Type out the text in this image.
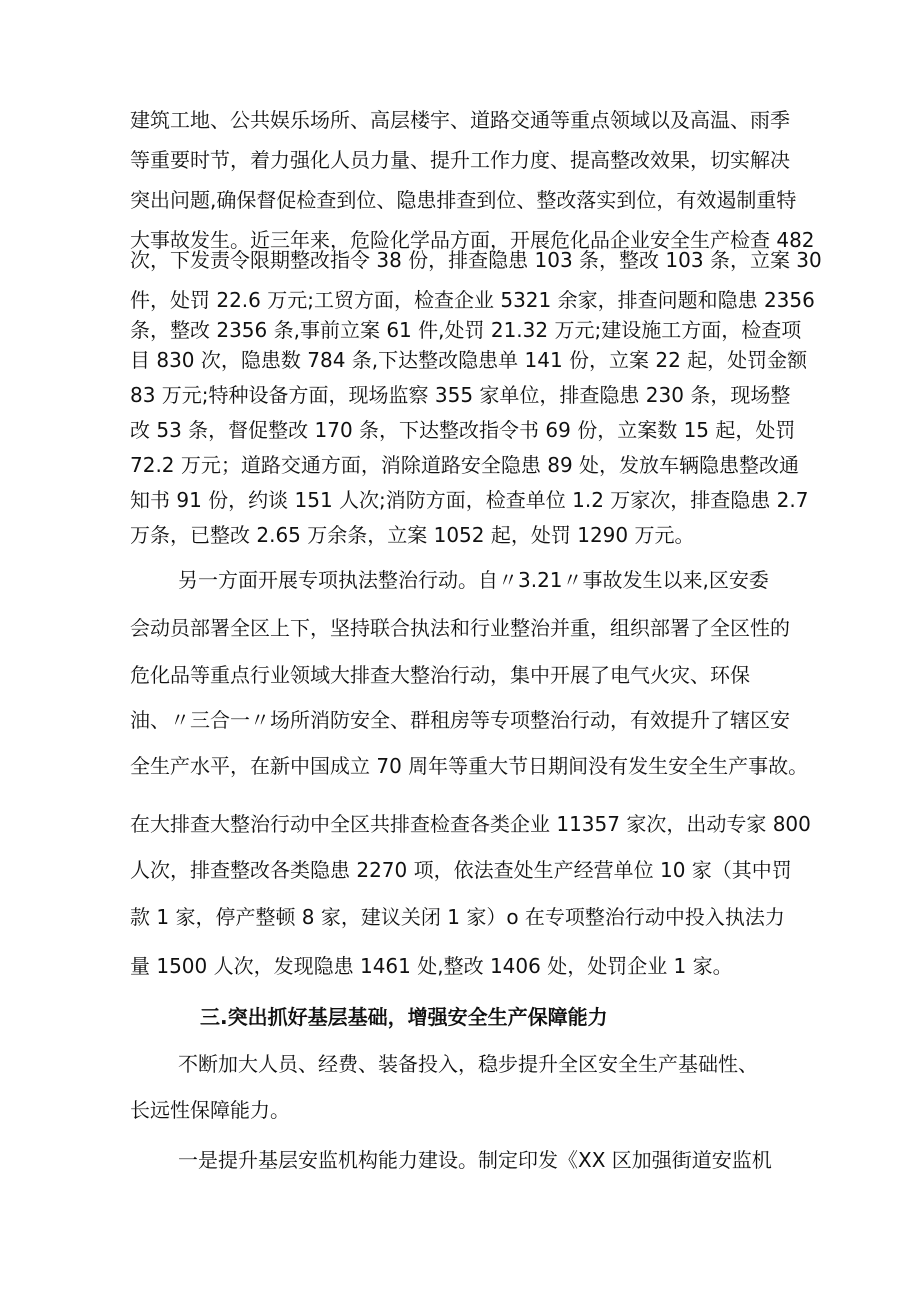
建筑工地、公共娱乐场所、高层楼宇、道路交通等重点领域以及高温、雨季
等重要时节，着力强化人员力量、提升工作力度、提高整改效果，切实解决
突出问题,确保督促检查到位、隐患排查到位、整改落实到位，有效遏制重特
大事故发生。近三年来，危险化学品方面，开展危化品企业安全生产检查 482
次，下发责令限期整改指令 38 份，排查隐患 103 条，整改 103 条，立案 30
件，处罚 22.6 万元;工贸方面，检查企业 5321 余家，排查问题和隐患 2356
条，整改 2356 条,事前立案 61 件,处罚 21.32 万元;建设施工方面，检查项
目 830 次，隐患数 784 条,下达整改隐患单 141 份，立案 22 起，处罚金额
83 万元;特种设备方面，现场监察 355 家单位，排查隐患 230 条，现场整
改 53 条，督促整改 170 条，下达整改指令书 69 份，立案数 15 起，处罚
72.2 万元；道路交通方面，消除道路安全隐患 89 处，发放车辆隐患整改通
知书 91 份，约谈 151 人次;消防方面，检查单位 1.2 万家次，排查隐患 2.7
万条，已整改 2.65 万余条，立案 1052 起，处罚 1290 万元。
另一方面开展专项执法整治行动。自〃3.21〃事故发生以来,区安委
会动员部署全区上下，坚持联合执法和行业整治并重，组织部署了全区性的
危化品等重点行业领域大排查大整治行动，集中开展了电气火灾、环保
油、〃三合一〃场所消防安全、群租房等专项整治行动，有效提升了辖区安
全生产水平，在新中国成立 70 周年等重大节日期间没有发生安全生产事故。
在大排查大整治行动中全区共排查检查各类企业 11357 家次，出动专家 800
人次，排查整改各类隐患 2270 项，依法查处生产经营单位 10 家（其中罚
款 1 家，停产整顿 8 家，建议关闭 1 家）o 在专项整治行动中投入执法力
量 1500 人次，发现隐患 1461 处,整改 1406 处，处罚企业 1 家。
三.突出抓好基层基础，增强安全生产保障能力
不断加大人员、经费、装备投入，稳步提升全区安全生产基础性、
长远性保障能力。
一是提升基层安监机构能力建设。制定印发《XX 区加强街道安监机
